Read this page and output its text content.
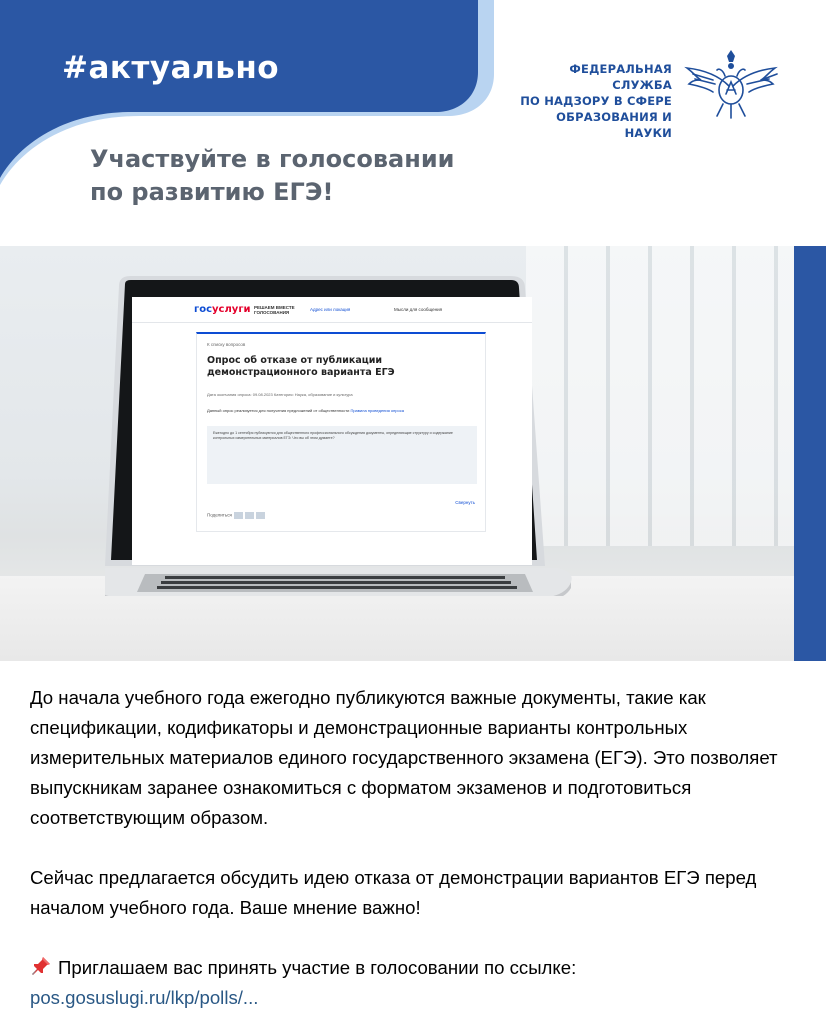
#актуально
Участвуйте в голосовании
по развитию ЕГЭ!
ФЕДЕРАЛЬНАЯ СЛУЖБА
ПО НАДЗОРУ В СФЕРЕ
ОБРАЗОВАНИЯ И НАУКИ
госуслуги РЕШАЕМ ВМЕСТЕ
ГОЛОСОВАНИЯ
Адрес или локация	Мысли для сообщения
К списку вопросов
Опрос об отказе от публикации демонстрационного варианта ЕГЭ
Дата окончания опроса: 09.08.2023 Категория: Наука, образование и культура
Данный опрос реализуется для получения предложений от общественности Правила проведения опроса
Ежегодно до 1 сентября публикуются для общественного профессионального обсуждения документы, определяющие структуру и содержание контрольных измерительных материалов ЕГЭ. Что вы об этом думаете?
Свернуть
Поделиться

До начала учебного года ежегодно публикуются важные документы, такие как спецификации, кодификаторы и демонстрационные варианты контрольных измерительных материалов единого государственного экзамена (ЕГЭ). Это позволяет выпускникам заранее ознакомиться с форматом экзаменов и подготовиться соответствующим образом.

Сейчас предлагается обсудить идею отказа от демонстрации вариантов ЕГЭ перед началом учебного года. Ваше мнение важно!

Приглашаем вас принять участие в голосовании по ссылке:
pos.gosuslugi.ru/lkp/polls/...
